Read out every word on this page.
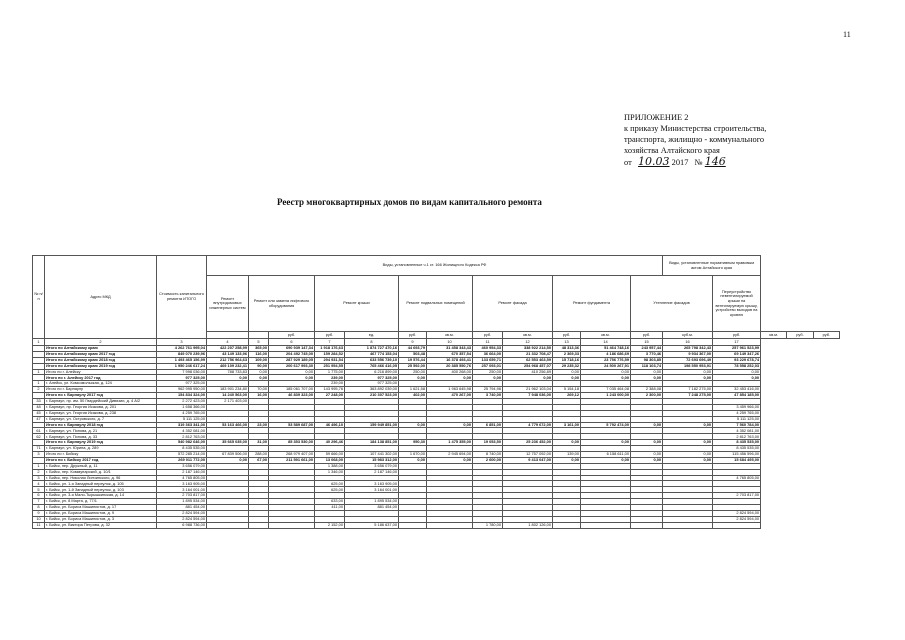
11
ПРИЛОЖЕНИЕ 2
к приказу Министерства строительства,
транспорта, жилищно - коммунального
хозяйства Алтайского края
от 10.03 2017 № 146
Реестр многоквартирных домов по видам капитального ремонта
№ п/п	Адрес МКД	Стоимость капитального ремонта ИТОГО	Виды, установленные ч.1 ст. 166 Жилищного Кодекса РФ												Виды, установленные нормативным правовым актом Алтайского края				
			Ремонт внутридомовых инженерных систем	Ремонт или замена лифтового оборудования		Ремонт крыши		Ремонт подвальных помещений		Ремонт фасада		Ремонт фундамента		Утепление фасадов		Переустройство невентилируемой крыши на вентилируемую крышу, устройство выходов на кровлю			
					руб.	руб.	ед.	руб.	кв.м.	руб.	кв.м.	руб.	кв.м.	руб.	куб.м.	руб.	кв.м.	руб.	руб.
1	2	3	4	5	6	7	8	9	10	11	12	13	14	15	16	17			
	Итого по Алтайскому краю	4 262 761 995,04	422 207 258,99	365,00	690 939 147,34	1 918 176,63	1 874 727 470,16	44 693,79	31 458 343,43	460 954,33	338 922 214,50	48 313,36	51 464 748,16	243 957,44	265 798 342,43	257 961 523,99			
	Итого по Алтайскому краю 2017 год	849 070 239,96	43 149 133,96	116,00	204 492 745,00	159 284,52	467 774 153,04	503,48	670 357,54	36 664,00	21 332 708,47	2 369,33	4 186 686,69	3 770,46	9 934 367,00	69 149 347,26			
	Итого по Алтайскому краю 2018 год	1 493 465 156,99	212 756 964,63	109,00	287 929 189,05	294 931,54	633 556 739,10	19 576,44	16 378 493,41	133 659,71	62 553 463,59	15 718,16	23 756 776,59	98 303,85	72 693 696,49	93 229 678,74			
	Итого по Алтайскому краю 2019 год	1 950 246 617,24	469 109 232,41	90,00	200 617 993,30	251 954,55	765 466 416,05	25 592,00	20 385 550,76	257 093,01	254 968 457,07	29 235,32	24 500 267,91	118 103,74	198 550 953,91	78 558 252,03			
1	Итого по г. Алейску	7 998 036,00	788 733,83	0,00	0,00	1 775,00	6 216 899,00	250,00	400 268,00	250,00	410 256,89	0,00	0,00	0,00	0,00	0,00			
	Итого по г. Алейску 2017 год	977 325,00	0,00	0,00	0,00	239,00	977 325,00	0,00	0,00	0,00	0,00	0,00	0,00	0,00	0,00	0,00			
1	г. Алейск, ул. Комсомольская, д. 124	977 325,00				239,00	977 325,00												
2	Итого по г. Барнаулу	962 995 950,00	183 901 234,80	70,00	185 061 707,00	143 995,76	363 892 039,00	1 621,58	1 963 645,98	25 794,96	21 962 103,04	5 154,18	7 035 464,08	2 388,08	7 182 275,00	32 453 416,00			
	Итого по г. Барнаулу 2017 год	154 834 324,00	14 240 563,00	16,00	46 839 323,00	27 248,00	210 307 523,00	402,00	470 267,00	3 740,00	7 948 036,00	269,12	1 243 000,00	2 300,00	7 248 275,00	47 854 185,00			
33	г. Барнаул, пр. им. 50 Гвардейский Дивизии, д. 4 А/2	2 272 423,00	2 171 403,00																
48	г. Барнаул, пр. Георгия Исакова, д. 201	1 658 366,00														3 459 966,00			
45	г. Барнаул, ул. Георгия Исакова, д. 238	4 259 765,00														4 259 765,00			
47	г. Барнаул, ул. Островского, д. 7	5 111 125,00														5 111 125,00			
	Итого по г. Барнаулу 2018 год	319 363 341,00	53 163 466,00	23,00	53 589 687,00	46 496,10	159 949 851,00	0,00	0,00	6 851,00	4 779 672,00	3 161,00	5 792 474,00	0,00	0,00	7 560 784,00			
61	г. Барнаул, ул. Попова, д. 21	4 352 081,00														4 352 081,00			
62	г. Барнаул, ул. Попова, д. 33	2 812 763,00														2 812 763,00			
	Итого по г. Барнаулу 2019 год	540 982 646,00	35 665 035,00	31,00	85 353 530,00	40 296,46	184 138 851,00	950,30	1 475 355,00	19 053,50	25 236 452,00	0,00	0,00	0,00	0,00	8 435 535,00			
71	г. Барнаул, ул. Юрина, д. 289	8 435 535,00														8 435 535,00			
3	Итого по г. Бийску	572 285 214,00	67 839 506,00	288,00	268 979 407,00	59 666,00	107 441 302,00	1 670,00	2 945 694,00	8 740,00	12 757 092,00	139,00	6 158 611,00	0,00	0,00	115 456 596,00			
	Итого по г. Бийску 2017 год	269 011 772,00	0,00	67,00	211 591 661,00	13 068,00	15 983 312,00	0,00	0,00	2 600,00	9 413 047,00	0,00	0,00	0,00	0,00	15 684 495,00			
1	г. Бийск, пер. Дружный, д. 11	3 656 079,00				1 388,00	3 656 079,00												
2	г. Бийск, пер. Коммунарский, д. 10/1	2 187 146,00				1 346,00	2 187 146,00												
3	г. Бийск, пер. Николая Липчинского, д. 96	4 765 805,00														4 765 805,00			
4	г. Бийск, ул. 1-я Западный переулок, д. 105	3 163 905,00				625,00	3 163 905,00												
5	г. Бийск, ул. 1-й Западный переулок, д. 103	3 164 001,00				625,00	3 164 001,00												
6	г. Бийск, ул. 3-я Мало-Тырышкинская, д. 14	2 703 817,00														2 703 817,00			
7	г. Бийск, ул. 8 Марта, д. 77/1	1 895 534,00				633,00	1 895 534,00												
8	г. Бийск, ул. Бориса Машинистов, д. 17	881 454,00				411,00	881 454,00												
9	г. Бийск, ул. Бориса Машинистов, д. 9	2 824 594,00														2 824 594,00			
10	г. Бийск, ул. Бориса Машинистов, д. 3	2 824 594,00														2 824 594,00			
11	г. Бийск, ул. Виктора Петрова, д. 32	6 988 736,00				2 152,00	5 186 637,00			1 780,00	1 802 126,00								
